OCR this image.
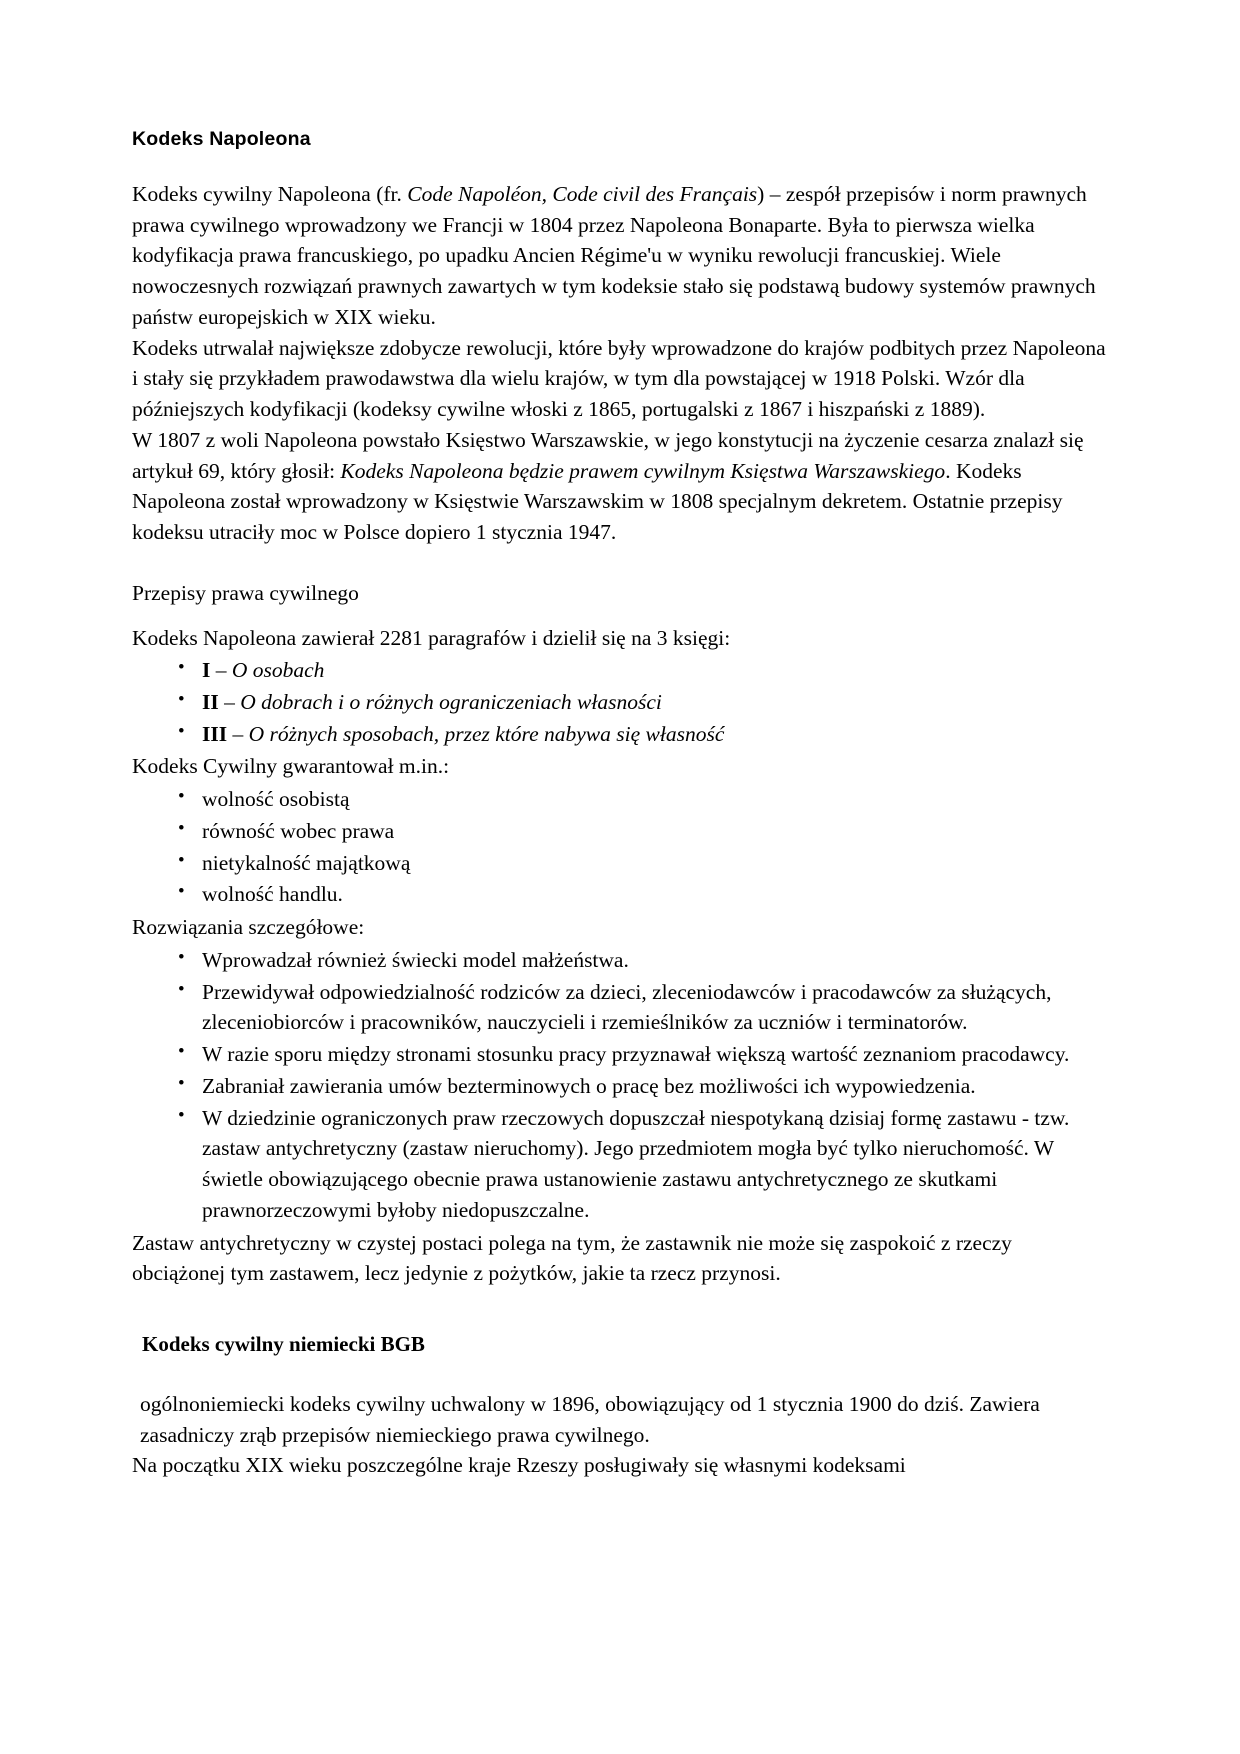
Kodeks Napoleona

Kodeks cywilny Napoleona (fr. Code Napoléon, Code civil des Français) – zespół przepisów i norm prawnych prawa cywilnego wprowadzony we Francji w 1804 przez Napoleona Bonaparte. Była to pierwsza wielka kodyfikacja prawa francuskiego, po upadku Ancien Régime'u w wyniku rewolucji francuskiej. Wiele nowoczesnych rozwiązań prawnych zawartych w tym kodeksie stało się podstawą budowy systemów prawnych państw europejskich w XIX wieku.

Kodeks utrwalał największe zdobycze rewolucji, które były wprowadzone do krajów podbitych przez Napoleona i stały się przykładem prawodawstwa dla wielu krajów, w tym dla powstającej w 1918 Polski. Wzór dla późniejszych kodyfikacji (kodeksy cywilne włoski z 1865, portugalski z 1867 i hiszpański z 1889).

W 1807 z woli Napoleona powstało Księstwo Warszawskie, w jego konstytucji na życzenie cesarza znalazł się artykuł 69, który głosił: Kodeks Napoleona będzie prawem cywilnym Księstwa Warszawskiego. Kodeks Napoleona został wprowadzony w Księstwie Warszawskim w 1808 specjalnym dekretem. Ostatnie przepisy kodeksu utraciły moc w Polsce dopiero 1 stycznia 1947.

Przepisy prawa cywilnego

Kodeks Napoleona zawierał 2281 paragrafów i dzielił się na 3 księgi:

• I – O osobach
• II – O dobrach i o różnych ograniczeniach własności
• III – O różnych sposobach, przez które nabywa się własność

Kodeks Cywilny gwarantował m.in.:

• wolność osobistą
• równość wobec prawa
• nietykalność majątkową
• wolność handlu.

Rozwiązania szczegółowe:

• Wprowadzał również świecki model małżeństwa.
• Przewidywał odpowiedzialność rodziców za dzieci, zleceniodawców i pracodawców za służących, zleceniobiorców i pracowników, nauczycieli i rzemieślników za uczniów i terminatorów.
• W razie sporu między stronami stosunku pracy przyznawał większą wartość zeznaniom pracodawcy.
• Zabraniał zawierania umów bezterminowych o pracę bez możliwości ich wypowiedzenia.
• W dziedzinie ograniczonych praw rzeczowych dopuszczał niespotykaną dzisiaj formę zastawu - tzw. zastaw antychretyczny (zastaw nieruchomy). Jego przedmiotem mogła być tylko nieruchomość. W świetle obowiązującego obecnie prawa ustanowienie zastawu antychretycznego ze skutkami prawnorzeczowymi byłoby niedopuszczalne.

Zastaw antychretyczny w czystej postaci polega na tym, że zastawnik nie może się zaspokoić z rzeczy obciążonej tym zastawem, lecz jedynie z pożytków, jakie ta rzecz przynosi.

Kodeks cywilny niemiecki BGB

ogólnoniemiecki kodeks cywilny uchwalony w 1896, obowiązujący od 1 stycznia 1900 do dziś. Zawiera zasadniczy zrąb przepisów niemieckiego prawa cywilnego.

Na początku XIX wieku poszczególne kraje Rzeszy posługiwały się własnymi kodeksami
